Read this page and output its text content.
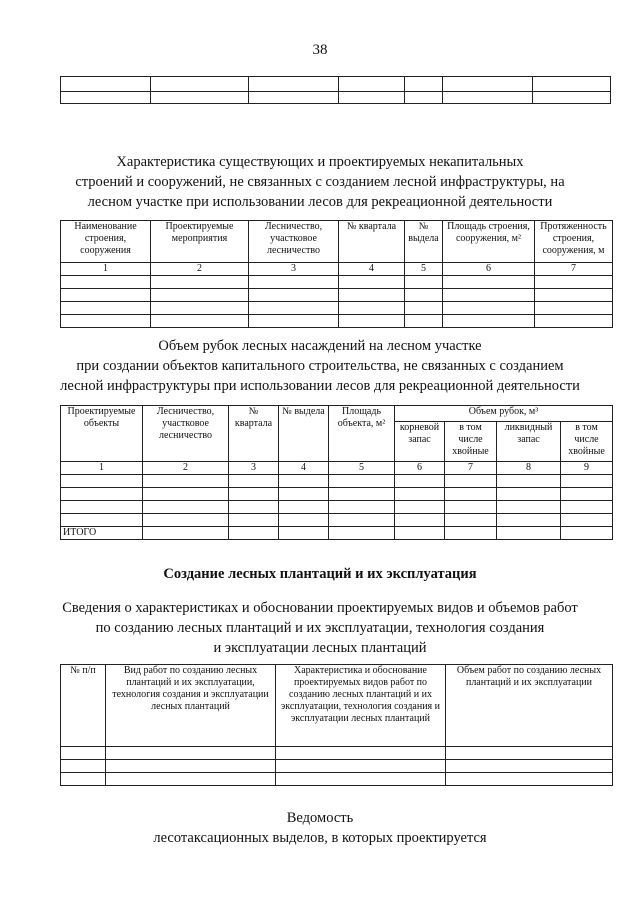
38

Характеристика существующих и проектируемых некапитальных
строений и сооружений, не связанных с созданием лесной инфраструктуры, на
лесном участке при использовании лесов для рекреационной деятельности
Наименование строения, сооружения	Проектируемые мероприятия	Лесничество, участковое лесничество	№ квартала	№ выдела	Площадь строения, сооружения, м²	Протяженность строения, сооружения, м
1	2	3	4	5	6	7

Объем рубок лесных насаждений на лесном участке
при создании объектов капитального строительства, не связанных с созданием
лесной инфраструктуры при использовании лесов для рекреационной деятельности
Проектируемые объекты	Лесничество, участковое лесничество	№ квартала	№ выдела	Площадь объекта, м²	Объем рубок, м³			
					корневой запас	в том числе хвойные	ликвидный запас	в том числе хвойные
1	2	3	4	5	6	7	8	9

ИТОГО								
Создание лесных плантаций и их эксплуатация
Сведения о характеристиках и обосновании проектируемых видов и объемов работ
по созданию лесных плантаций и их эксплуатации, технология создания
и эксплуатации лесных плантаций
№ п/п	Вид работ по созданию лесных плантаций и их эксплуатации, технология создания и эксплуатации лесных плантаций	Характеристика и обоснование проектируемых видов работ по созданию лесных плантаций и их эксплуатации, технология создания и эксплуатации лесных плантаций	Объем работ по созданию лесных плантаций и их эксплуатации

Ведомость
лесотаксационных выделов, в которых проектируется
